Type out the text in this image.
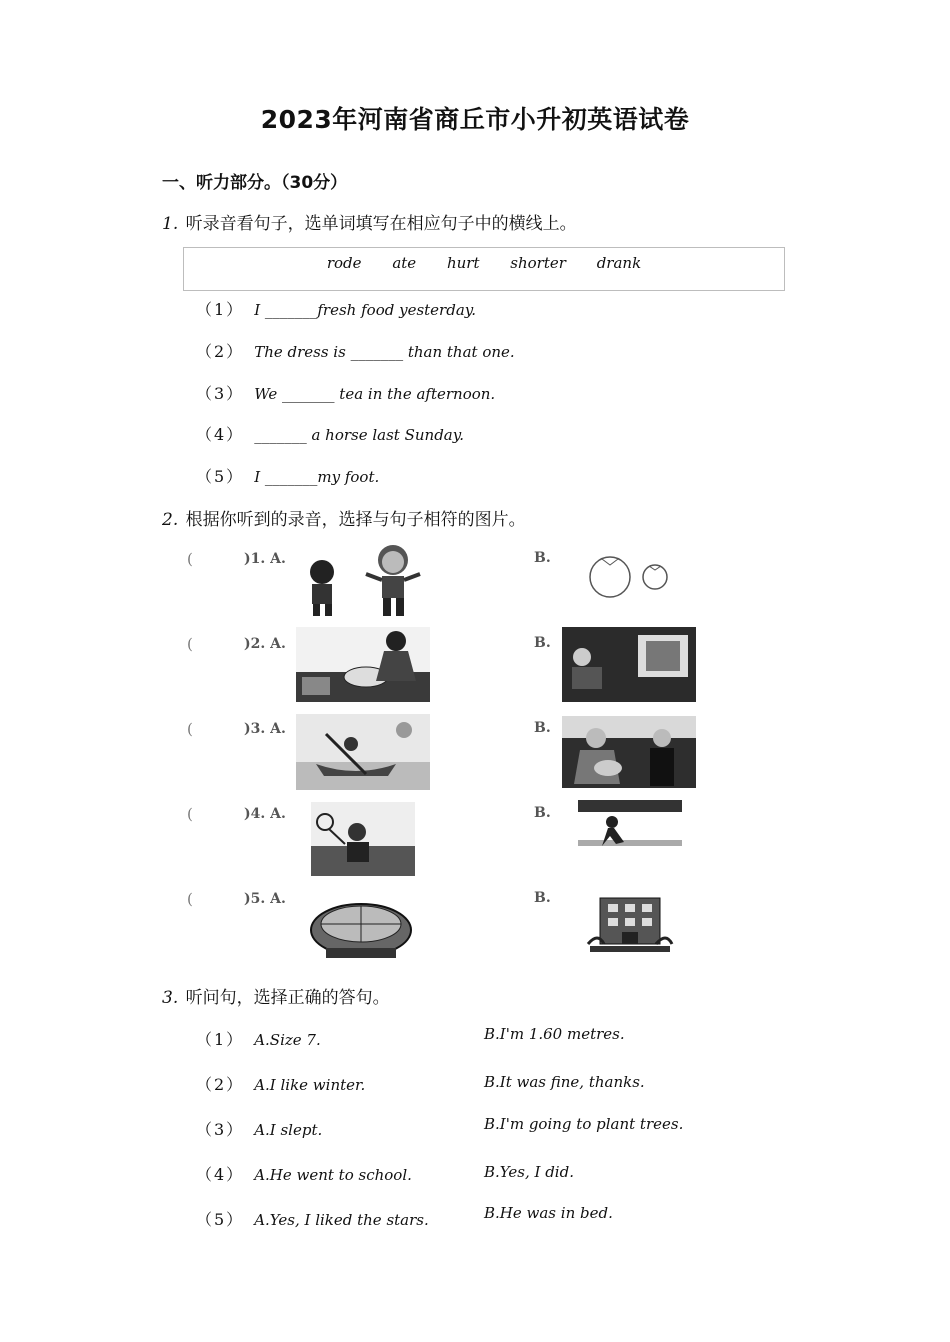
2023年河南省商丘市小升初英语试卷
一、听力部分。（30分）
1. 听录音看句子，选单词填写在相应句子中的横线上。
rode ate hurt shorter drank
（1） I _______fresh food yesterday.
（2） The dress is _______ than that one.
（3） We _______ tea in the afternoon.
（4） _______ a horse last Sunday.
（5） I _______my foot.
2. 根据你听到的录音，选择与句子相符的图片。
(	)1. A.	B.
(	)2. A.	B.
(	)3. A.	B.
(	)4. A.	B.
(	)5. A.	B.
3. 听问句，选择正确的答句。
（1） A.Size 7.	B.I'm 1.60 metres.
（2） A.I like winter.	B.It was fine, thanks.
（3） A.I slept.	B.I'm going to plant trees.
（4） A.He went to school.	B.Yes, I did.
（5） A.Yes, I liked the stars.	B.He was in bed.
